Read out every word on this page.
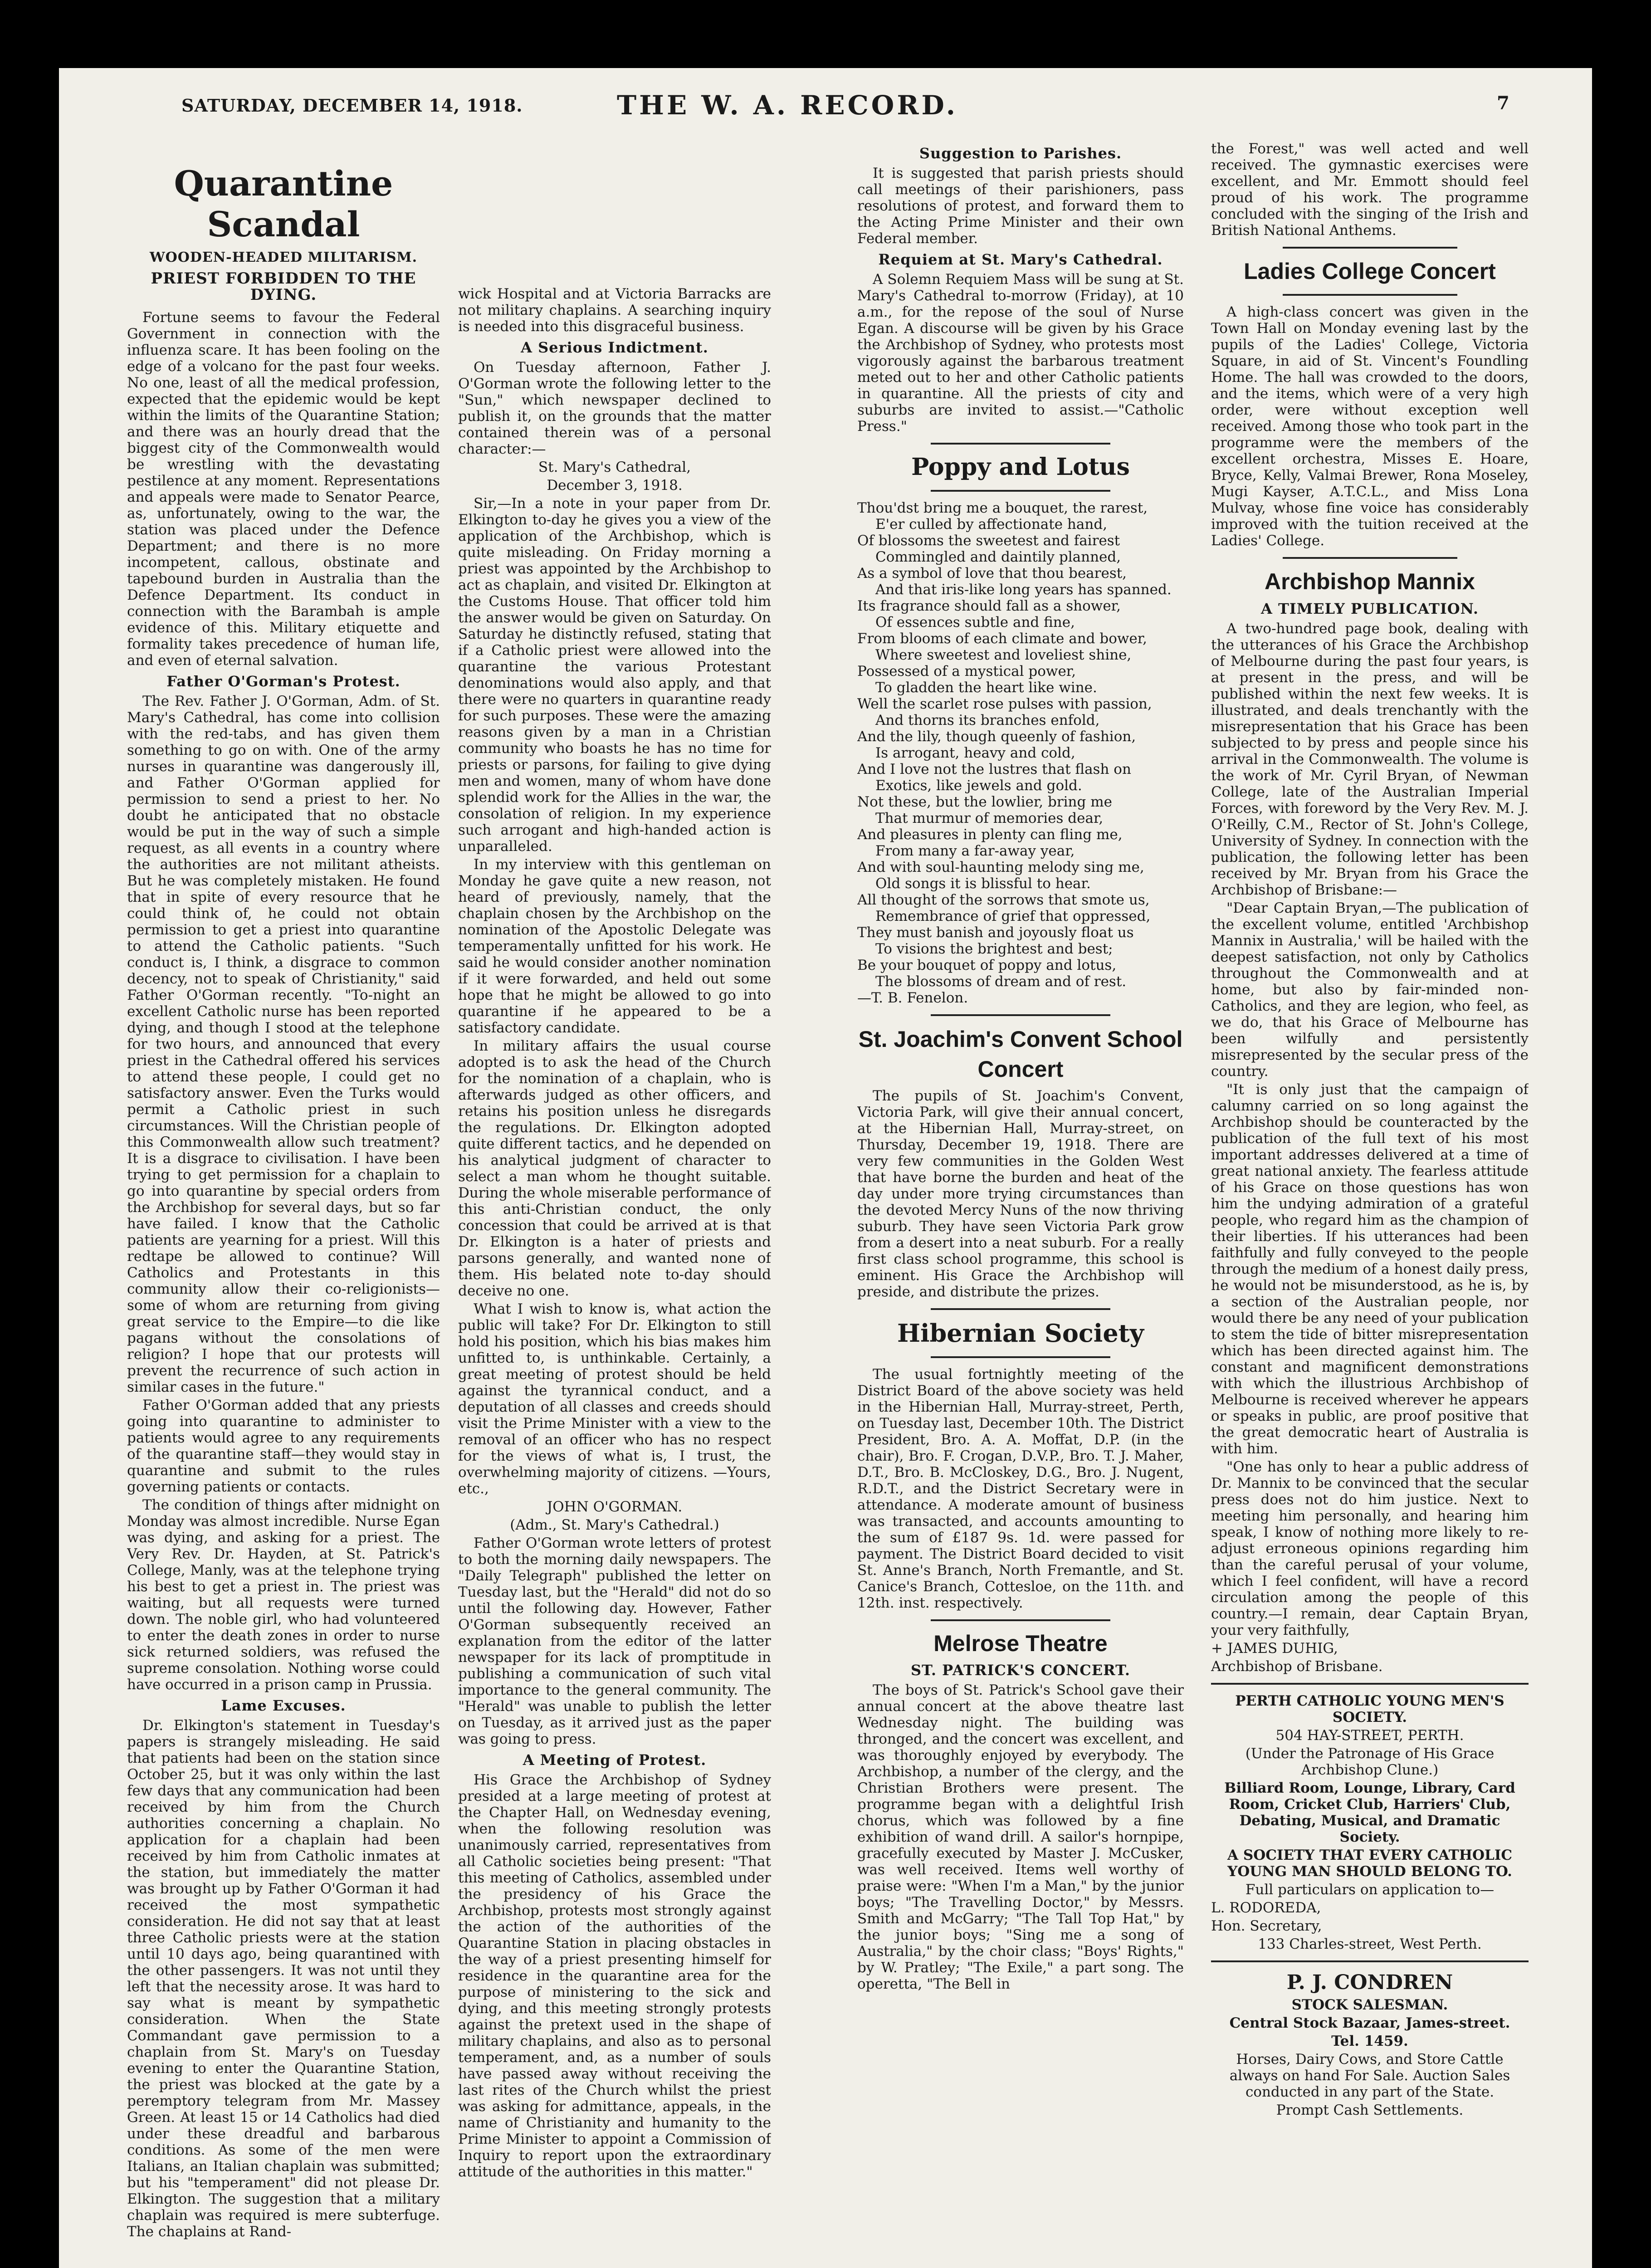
SATURDAY, DECEMBER 14, 1918.	THE W. A. RECORD.	7
Quarantine Scandal
WOODEN-HEADED MILITARISM.
PRIEST FORBIDDEN TO THE DYING.

Fortune seems to favour the Federal Government in connection with the influenza scare. It has been fooling on the edge of a volcano for the past four weeks. No one, least of all the medical profession, expected that the epidemic would be kept within the limits of the Quarantine Station; and there was an hourly dread that the biggest city of the Commonwealth would be wrestling with the devastating pestilence at any moment. Representations and appeals were made to Senator Pearce, as, unfortunately, owing to the war, the station was placed under the Defence Department; and there is no more incompetent, callous, obstinate and tapebound burden in Australia than the Defence Department. Its conduct in connection with the Barambah is ample evidence of this. Military etiquette and formality takes precedence of human life, and even of eternal salvation.

Father O'Gorman's Protest.

The Rev. Father J. O'Gorman, Adm. of St. Mary's Cathedral, has come into collision with the red-tabs, and has given them something to go on with. One of the army nurses in quarantine was dangerously ill, and Father O'Gorman applied for permission to send a priest to her. No doubt he anticipated that no obstacle would be put in the way of such a simple request, as all events in a country where the authorities are not militant atheists. But he was completely mistaken. He found that in spite of every resource that he could think of, he could not obtain permission to get a priest into quarantine to attend the Catholic patients. "Such conduct is, I think, a disgrace to common decency, not to speak of Christianity," said Father O'Gorman recently. "To-night an excellent Catholic nurse has been reported dying, and though I stood at the telephone for two hours, and announced that every priest in the Cathedral offered his services to attend these people, I could get no satisfactory answer. Even the Turks would permit a Catholic priest in such circumstances. Will the Christian people of this Commonwealth allow such treatment? It is a disgrace to civilisation. I have been trying to get permission for a chaplain to go into quarantine by special orders from the Archbishop for several days, but so far have failed. I know that the Catholic patients are yearning for a priest. Will this redtape be allowed to continue? Will Catholics and Protestants in this community allow their co-religionists—some of whom are returning from giving great service to the Empire—to die like pagans without the consolations of religion? I hope that our protests will prevent the recurrence of such action in similar cases in the future."

Father O'Gorman added that any priests going into quarantine to administer to patients would agree to any requirements of the quarantine staff—they would stay in quarantine and submit to the rules governing patients or contacts.

The condition of things after midnight on Monday was almost incredible. Nurse Egan was dying, and asking for a priest. The Very Rev. Dr. Hayden, at St. Patrick's College, Manly, was at the telephone trying his best to get a priest in. The priest was waiting, but all requests were turned down. The noble girl, who had volunteered to enter the death zones in order to nurse sick returned soldiers, was refused the supreme consolation. Nothing worse could have occurred in a prison camp in Prussia.

Lame Excuses.

Dr. Elkington's statement in Tuesday's papers is strangely misleading. He said that patients had been on the station since October 25, but it was only within the last few days that any communication had been received by him from the Church authorities concerning a chaplain. No application for a chaplain had been received by him from Catholic inmates at the station, but immediately the matter was brought up by Father O'Gorman it had received the most sympathetic consideration. He did not say that at least three Catholic priests were at the station until 10 days ago, being quarantined with the other passengers. It was not until they left that the necessity arose. It was hard to say what is meant by sympathetic consideration. When the State Commandant gave permission to a chaplain from St. Mary's on Tuesday evening to enter the Quarantine Station, the priest was blocked at the gate by a peremptory telegram from Mr. Massey Green. At least 15 or 14 Catholics had died under these dreadful and barbarous conditions. As some of the men were Italians, an Italian chaplain was submitted; but his "temperament" did not please Dr. Elkington. The suggestion that a military chaplain was required is mere subterfuge. The chaplains at Rand-

wick Hospital and at Victoria Barracks are not military chaplains. A searching inquiry is needed into this disgraceful business.

A Serious Indictment.

On Tuesday afternoon, Father J. O'Gorman wrote the following letter to the "Sun," which newspaper declined to publish it, on the grounds that the matter contained therein was of a personal character:—

St. Mary's Cathedral,

December 3, 1918.

Sir,—In a note in your paper from Dr. Elkington to-day he gives you a view of the application of the Archbishop, which is quite misleading. On Friday morning a priest was appointed by the Archbishop to act as chaplain, and visited Dr. Elkington at the Customs House. That officer told him the answer would be given on Saturday. On Saturday he distinctly refused, stating that if a Catholic priest were allowed into the quarantine the various Protestant denominations would also apply, and that there were no quarters in quarantine ready for such purposes. These were the amazing reasons given by a man in a Christian community who boasts he has no time for priests or parsons, for failing to give dying men and women, many of whom have done splendid work for the Allies in the war, the consolation of religion. In my experience such arrogant and high-handed action is unparalleled.

In my interview with this gentleman on Monday he gave quite a new reason, not heard of previously, namely, that the chaplain chosen by the Archbishop on the nomination of the Apostolic Delegate was temperamentally unfitted for his work. He said he would consider another nomination if it were forwarded, and held out some hope that he might be allowed to go into quarantine if he appeared to be a satisfactory candidate.

In military affairs the usual course adopted is to ask the head of the Church for the nomination of a chaplain, who is afterwards judged as other officers, and retains his position unless he disregards the regulations. Dr. Elkington adopted quite different tactics, and he depended on his analytical judgment of character to select a man whom he thought suitable. During the whole miserable performance of this anti-Christian conduct, the only concession that could be arrived at is that Dr. Elkington is a hater of priests and parsons generally, and wanted none of them. His belated note to-day should deceive no one.

What I wish to know is, what action the public will take? For Dr. Elkington to still hold his position, which his bias makes him unfitted to, is unthinkable. Certainly, a great meeting of protest should be held against the tyrannical conduct, and a deputation of all classes and creeds should visit the Prime Minister with a view to the removal of an officer who has no respect for the views of what is, I trust, the overwhelming majority of citizens. —Yours, etc.,

JOHN O'GORMAN.

(Adm., St. Mary's Cathedral.)

Father O'Gorman wrote letters of protest to both the morning daily newspapers. The "Daily Telegraph" published the letter on Tuesday last, but the "Herald" did not do so until the following day. However, Father O'Gorman subsequently received an explanation from the editor of the latter newspaper for its lack of promptitude in publishing a communication of such vital importance to the general community. The "Herald" was unable to publish the letter on Tuesday, as it arrived just as the paper was going to press.

A Meeting of Protest.

His Grace the Archbishop of Sydney presided at a large meeting of protest at the Chapter Hall, on Wednesday evening, when the following resolution was unanimously carried, representatives from all Catholic societies being present: "That this meeting of Catholics, assembled under the presidency of his Grace the Archbishop, protests most strongly against the action of the authorities of the Quarantine Station in placing obstacles in the way of a priest presenting himself for residence in the quarantine area for the purpose of ministering to the sick and dying, and this meeting strongly protests against the pretext used in the shape of military chaplains, and also as to personal temperament, and, as a number of souls have passed away without receiving the last rites of the Church whilst the priest was asking for admittance, appeals, in the name of Christianity and humanity to the Prime Minister to appoint a Commission of Inquiry to report upon the extraordinary attitude of the authorities in this matter."

Suggestion to Parishes.

It is suggested that parish priests should call meetings of their parishioners, pass resolutions of protest, and forward them to the Acting Prime Minister and their own Federal member.

Requiem at St. Mary's Cathedral.

A Solemn Requiem Mass will be sung at St. Mary's Cathedral to-morrow (Friday), at 10 a.m., for the repose of the soul of Nurse Egan. A discourse will be given by his Grace the Archbishop of Sydney, who protests most vigorously against the barbarous treatment meted out to her and other Catholic patients in quarantine. All the priests of city and suburbs are invited to assist.—"Catholic Press."

Poppy and Lotus

Thou'dst bring me a bouquet, the rarest,

E'er culled by affectionate hand,

Of blossoms the sweetest and fairest

Commingled and daintily planned,

As a symbol of love that thou bearest,

And that iris-like long years has spanned.

Its fragrance should fall as a shower,

Of essences subtle and fine,

From blooms of each climate and bower,

Where sweetest and loveliest shine,

Possessed of a mystical power,

To gladden the heart like wine.

Well the scarlet rose pulses with passion,

And thorns its branches enfold,

And the lily, though queenly of fashion,

Is arrogant, heavy and cold,

And I love not the lustres that flash on

Exotics, like jewels and gold.

Not these, but the lowlier, bring me

That murmur of memories dear,

And pleasures in plenty can fling me,

From many a far-away year,

And with soul-haunting melody sing me,

Old songs it is blissful to hear.

All thought of the sorrows that smote us,

Remembrance of grief that oppressed,

They must banish and joyously float us

To visions the brightest and best;

Be your bouquet of poppy and lotus,

The blossoms of dream and of rest.

—T. B. Fenelon.

St. Joachim's Convent School Concert

The pupils of St. Joachim's Convent, Victoria Park, will give their annual concert, at the Hibernian Hall, Murray-street, on Thursday, December 19, 1918. There are very few communities in the Golden West that have borne the burden and heat of the day under more trying circumstances than the devoted Mercy Nuns of the now thriving suburb. They have seen Victoria Park grow from a desert into a neat suburb. For a really first class school programme, this school is eminent. His Grace the Archbishop will preside, and distribute the prizes.

Hibernian Society

The usual fortnightly meeting of the District Board of the above society was held in the Hibernian Hall, Murray-street, Perth, on Tuesday last, December 10th. The District President, Bro. A. A. Moffat, D.P. (in the chair), Bro. F. Crogan, D.V.P., Bro. T. J. Maher, D.T., Bro. B. McCloskey, D.G., Bro. J. Nugent, R.D.T., and the District Secretary were in attendance. A moderate amount of business was transacted, and accounts amounting to the sum of £187 9s. 1d. were passed for payment. The District Board decided to visit St. Anne's Branch, North Fremantle, and St. Canice's Branch, Cottesloe, on the 11th. and 12th. inst. respectively.

Melrose Theatre
ST. PATRICK'S CONCERT.

The boys of St. Patrick's School gave their annual concert at the above theatre last Wednesday night. The building was thronged, and the concert was excellent, and was thoroughly enjoyed by everybody. The Archbishop, a number of the clergy, and the Christian Brothers were present. The programme began with a delightful Irish chorus, which was followed by a fine exhibition of wand drill. A sailor's hornpipe, gracefully executed by Master J. McCusker, was well received. Items well worthy of praise were: "When I'm a Man," by the junior boys; "The Travelling Doctor," by Messrs. Smith and McGarry; "The Tall Top Hat," by the junior boys; "Sing me a song of Australia," by the choir class; "Boys' Rights," by W. Pratley; "The Exile," a part song. The operetta, "The Bell in

the Forest," was well acted and well received. The gymnastic exercises were excellent, and Mr. Emmott should feel proud of his work. The programme concluded with the singing of the Irish and British National Anthems.

Ladies College Concert

A high-class concert was given in the Town Hall on Monday evening last by the pupils of the Ladies' College, Victoria Square, in aid of St. Vincent's Foundling Home. The hall was crowded to the doors, and the items, which were of a very high order, were without exception well received. Among those who took part in the programme were the members of the excellent orchestra, Misses E. Hoare, Bryce, Kelly, Valmai Brewer, Rona Moseley, Mugi Kayser, A.T.C.L., and Miss Lona Mulvay, whose fine voice has considerably improved with the tuition received at the Ladies' College.

Archbishop Mannix
A TIMELY PUBLICATION.

A two-hundred page book, dealing with the utterances of his Grace the Archbishop of Melbourne during the past four years, is at present in the press, and will be published within the next few weeks. It is illustrated, and deals trenchantly with the misrepresentation that his Grace has been subjected to by press and people since his arrival in the Commonwealth. The volume is the work of Mr. Cyril Bryan, of Newman College, late of the Australian Imperial Forces, with foreword by the Very Rev. M. J. O'Reilly, C.M., Rector of St. John's College, University of Sydney. In connection with the publication, the following letter has been received by Mr. Bryan from his Grace the Archbishop of Brisbane:—

"Dear Captain Bryan,—The publication of the excellent volume, entitled 'Archbishop Mannix in Australia,' will be hailed with the deepest satisfaction, not only by Catholics throughout the Commonwealth and at home, but also by fair-minded non-Catholics, and they are legion, who feel, as we do, that his Grace of Melbourne has been wilfully and persistently misrepresented by the secular press of the country.

"It is only just that the campaign of calumny carried on so long against the Archbishop should be counteracted by the publication of the full text of his most important addresses delivered at a time of great national anxiety. The fearless attitude of his Grace on those questions has won him the undying admiration of a grateful people, who regard him as the champion of their liberties. If his utterances had been faithfully and fully conveyed to the people through the medium of a honest daily press, he would not be misunderstood, as he is, by a section of the Australian people, nor would there be any need of your publication to stem the tide of bitter misrepresentation which has been directed against him. The constant and magnificent demonstrations with which the illustrious Archbishop of Melbourne is received wherever he appears or speaks in public, are proof positive that the great democratic heart of Australia is with him.

"One has only to hear a public address of Dr. Mannix to be convinced that the secular press does not do him justice. Next to meeting him personally, and hearing him speak, I know of nothing more likely to re-adjust erroneous opinions regarding him than the careful perusal of your volume, which I feel confident, will have a record circulation among the people of this country.—I remain, dear Captain Bryan, your very faithfully,

+ JAMES DUHIG,

Archbishop of Brisbane.

PERTH CATHOLIC YOUNG MEN'S SOCIETY.

504 HAY-STREET, PERTH.

(Under the Patronage of His Grace Archbishop Clune.)

Billiard Room, Lounge, Library, Card Room, Cricket Club, Harriers' Club, Debating, Musical, and Dramatic Society.

A SOCIETY THAT EVERY CATHOLIC YOUNG MAN SHOULD BELONG TO.

Full particulars on application to—

L. RODOREDA,

Hon. Secretary,

133 Charles-street, West Perth.

P. J. CONDREN

STOCK SALESMAN.

Central Stock Bazaar, James-street.

Tel. 1459.

Horses, Dairy Cows, and Store Cattle always on hand For Sale. Auction Sales conducted in any part of the State.

Prompt Cash Settlements.
